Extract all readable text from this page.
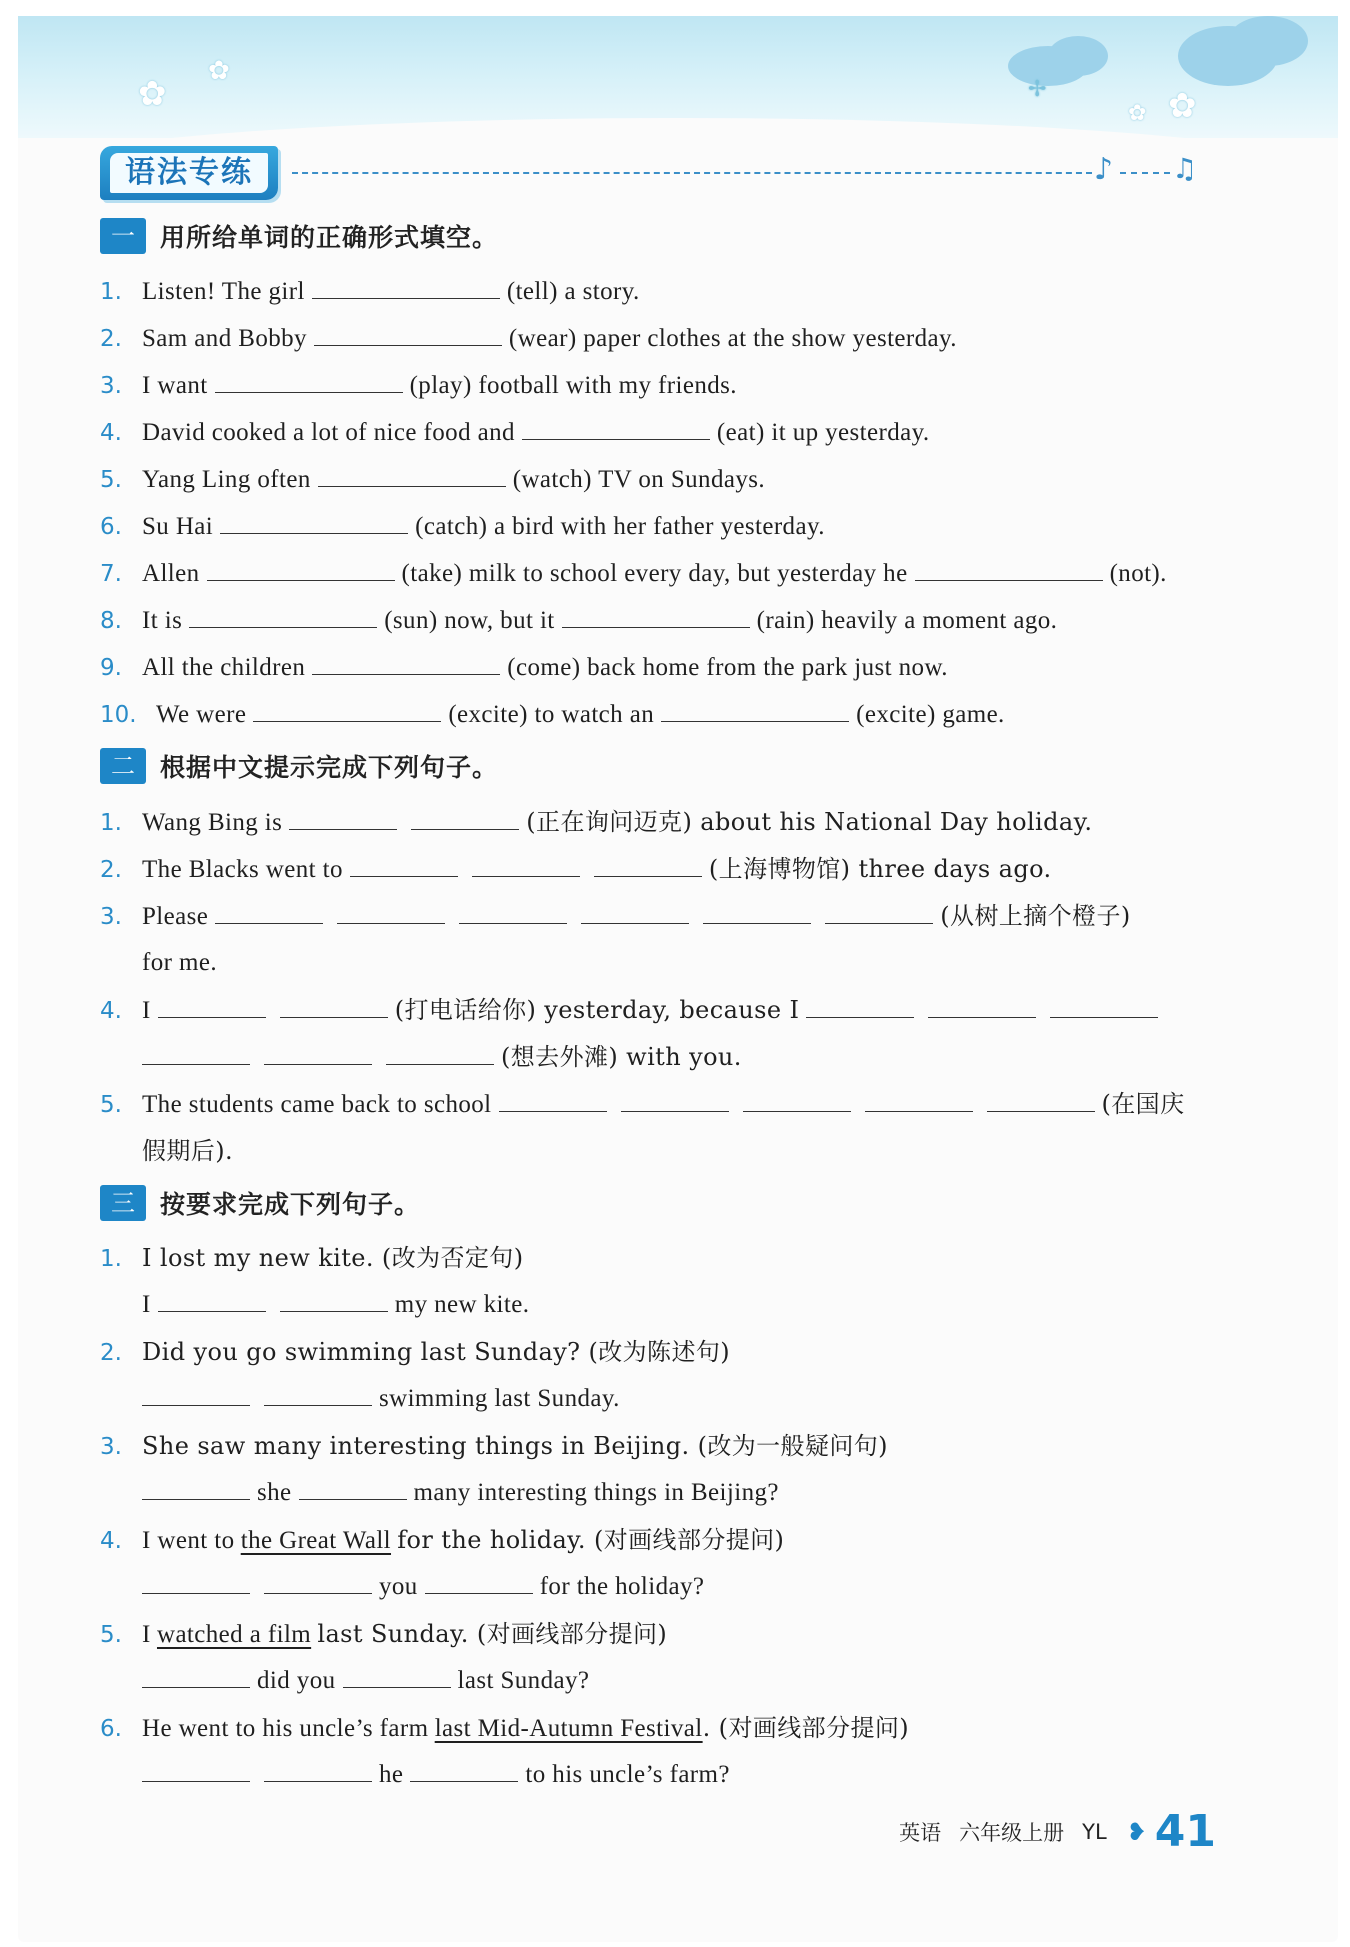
✿
✿
✿
✿
✢
语法专练	♪ ♫
一 用所给单词的正确形式填空。
1. Listen! The girl	(tell) a story.
2. Sam and Bobby	(wear) paper clothes at the show yesterday.
3. I want	(play) football with my friends.
4. David cooked a lot of nice food and	(eat) it up yesterday.
5. Yang Ling often	(watch) TV on Sundays.
6. Su Hai	(catch) a bird with her father yesterday.
7. Allen	(take) milk to school every day, but yesterday he	(not).
8. It is	(sun) now, but it	(rain) heavily a moment ago.
9. All the children	(come) back home from the park just now.
10. We were	(excite) to watch an	(excite) game.
二 根据中文提示完成下列句子。
1. Wang Bing is	(正在询问迈克) about his National Day holiday.
2. The Blacks went to	(上海博物馆) three days ago.
3. Please	(从树上摘个橙子)
for me.
4. I	(打电话给你) yesterday, because I
(想去外滩) with you.
5. The students came back to school	(在国庆
假期后).
三 按要求完成下列句子。
1. I lost my new kite. (改为否定句)
I	my new kite.
2. Did you go swimming last Sunday? (改为陈述句)
swimming last Sunday.
3. She saw many interesting things in Beijing. (改为一般疑问句)
she	many interesting things in Beijing?
4. I went to the Great Wall for the holiday. (对画线部分提问)
you	for the holiday?
5. I watched a film last Sunday. (对画线部分提问)
did you	last Sunday?
6. He went to his uncle’s farm last Mid-Autumn Festival. (对画线部分提问)
he	to his uncle’s farm?
英语 六年级上册 YL ❥ 41
